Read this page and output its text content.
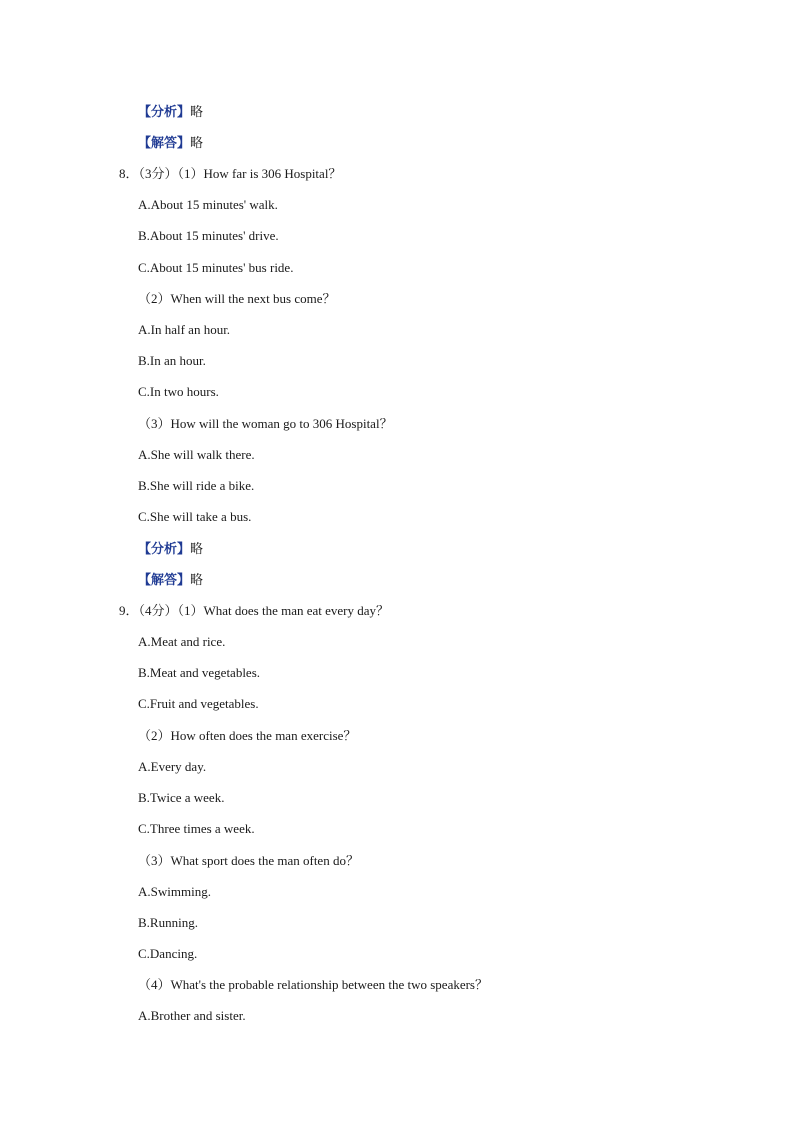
【分析】略
【解答】略
8．（3分）（1）How far is 306 Hospital？
A.About 15 minutes' walk.
B.About 15 minutes' drive.
C.About 15 minutes' bus ride.
（2）When will the next bus come？
A.In half an hour.
B.In an hour.
C.In two hours.
（3）How will the woman go to 306 Hospital？
A.She will walk there.
B.She will ride a bike.
C.She will take a bus.
【分析】略
【解答】略
9．（4分）（1）What does the man eat every day？
A.Meat and rice.
B.Meat and vegetables.
C.Fruit and vegetables.
（2）How often does the man exercise？
A.Every day.
B.Twice a week.
C.Three times a week.
（3）What sport does the man often do？
A.Swimming.
B.Running.
C.Dancing.
（4）What's the probable relationship between the two speakers？
A.Brother and sister.
